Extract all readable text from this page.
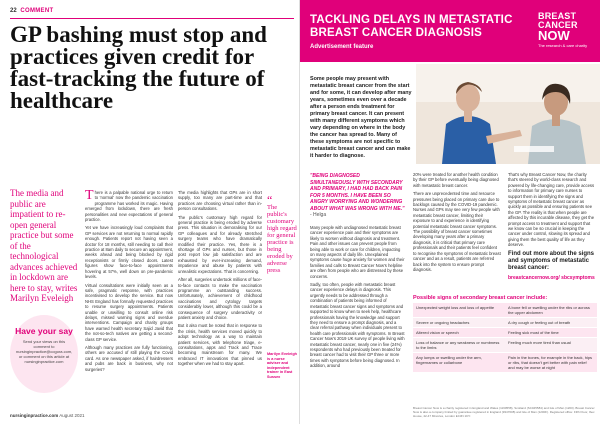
22 COMMENT
GP bashing must stop and practices given credit for fast-tracking the future of healthcare
The media and public are impatient to re-open general practice but some of the technological advances achieved in lockdown are here to stay, writes Marilyn Eveleigh
Have your say
Send your views on this comment to nursinginpractice@cogora.com, or comment on this article at nursinginpractice.com

There is a palpable national urge to return to 'normal' now the pandemic vaccination programme has worked its magic. Having emerged from lockdown, there are fresh personalities and new expectations of general practice.

Yet we have increasingly loud complaints that GP services are not returning to normal rapidly enough. Patients report not having seen a doctor for 18 months, still needing to call their practice at 8am daily to secure an appointment, weeks ahead and being blocked by rigid receptionists or firmly closed doors. Latest figures show face-to-face appointments hovering at 57%, well down on pre-pandemic levels.

Virtual consultations were initially seen as a safe, pragmatic response, with practices incentivised to develop the service. But now NHS England has formally requested practices to resume surgery appointments. Patients unable or unwilling to consult online risk delays, missed warning signs and overdue interventions. Campaign and charity groups have warned health secretary Sajid Javid that the not-so-tech natives are getting a second-class GP service.

Although many practices are fully functioning, others are accused of still playing the Covid card. As one newspaper asked, if hairdressers and pubs are back in business, why not surgeries?

The media highlights that GPs are in short supply, too many are part-time and that practices are choosing virtual rather than in-person consultations.

The public's customary high regard for general practice is being eroded by adverse press. This situation is demoralising for our GP colleagues and for already stretched surgery teams who have dramatically modified their practice. Yes, there is a shortage of GPs and nurses, but those in post report low job satisfaction and are exhausted by ever-increasing demand, impatience and abuse by patients with unrealistic expectations. That is concerning.

After all, surgeries undertook millions of face-to-face contacts to make the vaccination programme an outstanding success. Unfortunately, achievement of childhood vaccinations and cytology targets considerably lower, although this could be a consequence of surgery underactivity or patient anxiety and choice.

But it also must be noted that in response to the crisis, health services moved quickly to adopt technology as a way to maintain patient services, with telephone triage, e-consultations, apps and Track and Trace becoming mainstream for many. We embraced IT innovations that pinned us together when we had to stay apart.

“
The public's customary high regard for general practice is being eroded by adverse press
Marilyn Eveleigh is a nurse adviser and independent trainer in East Sussex
nursinginpractice.com August 2021
TACKLING DELAYS IN METASTATIC BREAST CANCER DIAGNOSIS
Advertisement feature
BREAST
CANCER
NOW
The research & care charity
Some people may present with metastatic breast cancer from the start and for some, it can develop after many years, sometimes even over a decade after a person ends treatment for primary breast cancer. It can present with many different symptoms which vary depending on where in the body the cancer has spread to. Many of these symptoms are not specific to metastatic breast cancer and can make it harder to diagnose.
"BEING DIAGNOSED SIMULTANEOUSLY WITH SECONDARY AND PRIMARY, I HAD HAD BACK PAIN FOR 5 MONTHS. I HAVE BEEN SO ANGRY WORRYING AND WONDERING ABOUT WHAT WAS WRONG WITH ME." - Helga

Many people with undiagnosed metastatic breast cancer experience pain and their symptoms are likely to worsen without diagnosis and treatment. Pain and other issues can prevent people from being able to work or care for children, impacting on many aspects of daily life. Unexplained symptoms cause huge anxiety for women and their families and calls to Breast Cancer Now's helpline are often from people who are distressed by these concerns.

Sadly, too often, people with metastatic breast cancer experience delays in diagnosis. This urgently needs to be addressed through a combination of patients being informed of metastatic breast cancer signs and symptoms and supported to know when to seek help, healthcare professionals having the knowledge and support they need to ensure a prompt diagnosis, and a clear referral pathway when individuals present to health care professionals with symptoms. In Breast Cancer Now's 2019 UK survey of people living with metastatic breast cancer, nearly one in five (24%) respondents who had previously been treated for breast cancer had to visit their GP three or more times with symptoms before being diagnosed. In addition, around

20% were treated for another health condition by their GP before eventually being diagnosed with metastatic breast cancer.

There are unprecedented time and resource pressures being placed on primary care due to backlogs caused by the COVID-19 pandemic. Nurses and GPs may see very few people with metastatic breast cancer, limiting their exposure to and experience in identifying potential metastatic breast cancer symptoms. The possibility of breast cancer sometimes developing many years after a primary diagnosis, it is critical that primary care professionals and their patients feel confident to recognise the symptoms of metastatic breast cancer and as a result, patients are referred back into the system to ensure prompt diagnosis.

That's why Breast Cancer Now, the charity that's steered by world-class research and powered by life-changing care, provide access to information for primary care nurses to support them in identifying the signs and symptoms of metastatic breast cancer as quickly as possible and ensuring patients see the GP. The reality is that when people are affected by this incurable disease, they get the prompt access to treatment and support that we know can be so crucial in keeping the cancer under control, slowing its spread and giving them the best quality of life as they deserve.

Find out more about the signs and symptoms of metastatic breast cancer:
breastcancernow.org/ sbcsymptoms
Possible signs of secondary breast cancer include:
Unexpected weight loss and loss of appetite	A bone fell or swelling under the ribs or across the upper abdomen
Severe or ongoing headaches	A dry cough or feeling out of breath
Altered vision or speech	Feeling sick most of the time
Loss of balance or any weakness or numbness to the limbs	Feeling much more tired than usual
Any lumps or swelling under the arm, fingernames or collarbone	Pain in the bones, for example in the back, hips or ribs, that doesn't get better with pain relief and may be worse at night
Breast Cancer Now is a charity registered in England and Wales (1160558), Scotland (SC045584) and Isle of Man (1200). Breast Cancer Now is also a company limited by guarantee registered in England (9347608) and Isle of Man (1200F). Registered office: Fifth Floor, Ibex House, 42-47 Minories, London EC3N 1DY.
